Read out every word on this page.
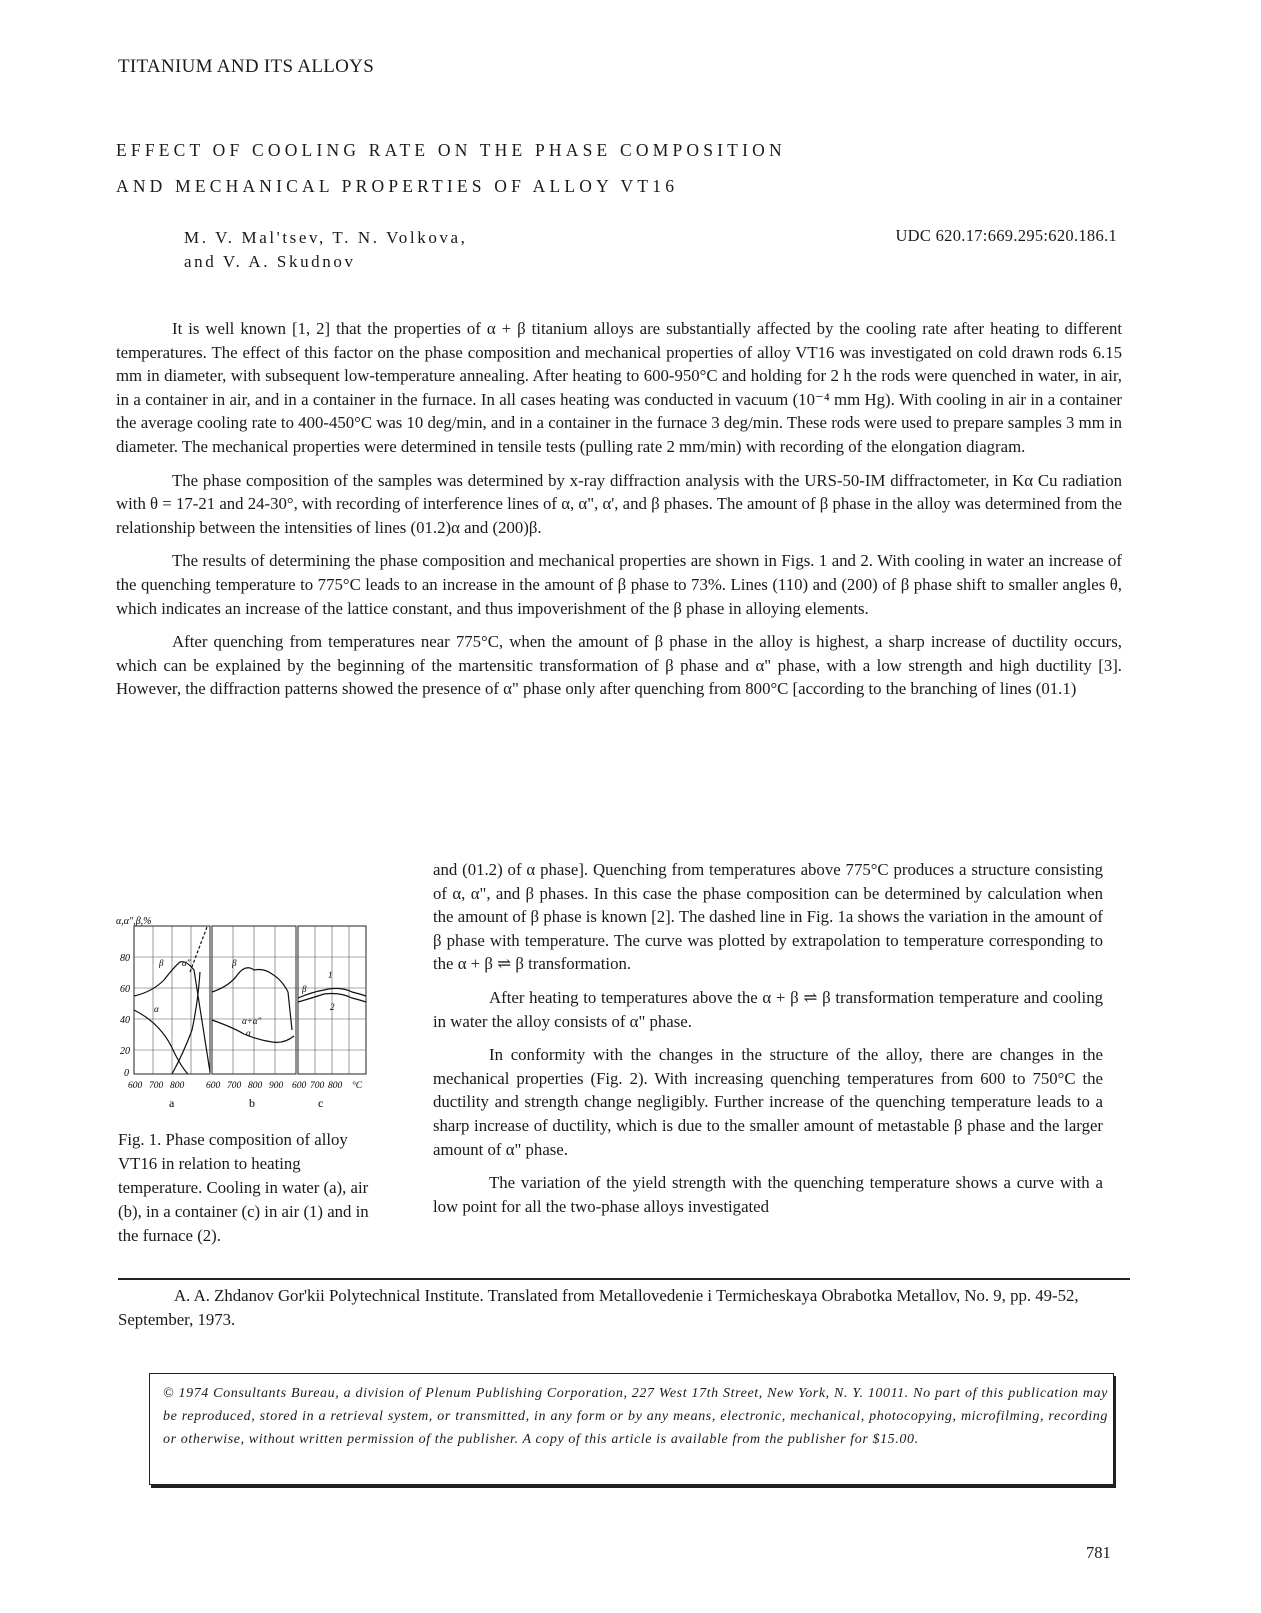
TITANIUM AND ITS ALLOYS
EFFECT OF COOLING RATE ON THE PHASE COMPOSITION
AND MECHANICAL PROPERTIES OF ALLOY VT16
M. V. Mal'tsev, T. N. Volkova,
and V. A. Skudnov
UDC 620.17:669.295:620.186.1

It is well known [1, 2] that the properties of α + β titanium alloys are substantially affected by the cooling rate after heating to different temperatures. The effect of this factor on the phase composition and mechanical properties of alloy VT16 was investigated on cold drawn rods 6.15 mm in diameter, with subsequent low-temperature annealing. After heating to 600-950°C and holding for 2 h the rods were quenched in water, in air, in a container in air, and in a container in the furnace. In all cases heating was conducted in vacuum (10⁻⁴ mm Hg). With cooling in air in a container the average cooling rate to 400-450°C was 10 deg/min, and in a container in the furnace 3 deg/min. These rods were used to prepare samples 3 mm in diameter. The mechanical properties were determined in tensile tests (pulling rate 2 mm/min) with recording of the elongation diagram.

The phase composition of the samples was determined by x-ray diffraction analysis with the URS-50-IM diffractometer, in Kα Cu radiation with θ = 17-21 and 24-30°, with recording of interference lines of α, α", α', and β phases. The amount of β phase in the alloy was determined from the relationship between the intensities of lines (01.2)α and (200)β.

The results of determining the phase composition and mechanical properties are shown in Figs. 1 and 2. With cooling in water an increase of the quenching temperature to 775°C leads to an increase in the amount of β phase to 73%. Lines (110) and (200) of β phase shift to smaller angles θ, which indicates an increase of the lattice constant, and thus impoverishment of the β phase in alloying elements.

After quenching from temperatures near 775°C, when the amount of β phase in the alloy is highest, a sharp increase of ductility occurs, which can be explained by the beginning of the martensitic transformation of β phase and α" phase, with a low strength and high ductility [3]. However, the diffraction patterns showed the presence of α" phase only after quenching from 800°C [according to the branching of lines (01.1)

and (01.2) of α phase]. Quenching from temperatures above 775°C produces a structure consisting of α, α", and β phases. In this case the phase composition can be determined by calculation when the amount of β phase is known [2]. The dashed line in Fig. 1a shows the variation in the amount of β phase with temperature. The curve was plotted by extrapolation to temperature corresponding to the α + β ⇌ β transformation.

After heating to temperatures above the α + β ⇌ β transformation temperature and cooling in water the alloy consists of α" phase.

In conformity with the changes in the structure of the alloy, there are changes in the mechanical properties (Fig. 2). With increasing quenching temperatures from 600 to 750°C the ductility and strength change negligibly. Further increase of the quenching temperature leads to a sharp increase of ductility, which is due to the smaller amount of metastable β phase and the larger amount of α" phase.

The variation of the yield strength with the quenching temperature shows a curve with a low point for all the two-phase alloys investigated

α,α",β,%
80
60
40
20
0
β α"
α
β
α+α"
α
β
1
2
600 700 800 600 700 800 900 600 700 800 °C
a	b	c
Fig. 1. Phase composition of alloy VT16 in relation to heating temperature. Cooling in water (a), air (b), in a container (c) in air (1) and in the furnace (2).
A. A. Zhdanov Gor'kii Polytechnical Institute. Translated from Metallovedenie i Termicheskaya Obrabotka Metallov, No. 9, pp. 49-52, September, 1973.
© 1974 Consultants Bureau, a division of Plenum Publishing Corporation, 227 West 17th Street, New York, N. Y. 10011. No part of this publication may be reproduced, stored in a retrieval system, or transmitted, in any form or by any means, electronic, mechanical, photocopying, microfilming, recording or otherwise, without written permission of the publisher. A copy of this article is available from the publisher for $15.00.
781
